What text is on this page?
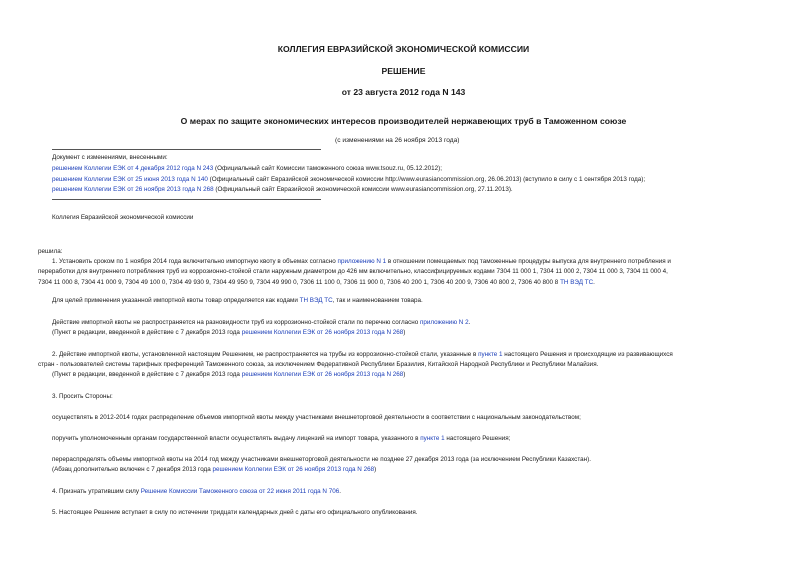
КОЛЛЕГИЯ ЕВРАЗИЙСКОЙ ЭКОНОМИЧЕСКОЙ КОМИССИИ
РЕШЕНИЕ
от 23 августа 2012 года N 143
О мерах по защите экономических интересов производителей нержавеющих труб в Таможенном союзе
(с изменениями на 26 ноября 2013 года)
Документ с изменениями, внесенными:
решением Коллегии ЕЭК от 4 декабря 2012 года N 243 (Официальный сайт Комиссии таможенного союза www.tsouz.ru, 05.12.2012);
решением Коллегии ЕЭК от 25 июня 2013 года N 140 (Официальный сайт Евразийской экономической комиссии http://www.eurasiancommission.org, 26.06.2013) (вступило в силу с 1 сентября 2013 года);
решением Коллегии ЕЭК от 26 ноября 2013 года N 268 (Официальный сайт Евразийской экономической комиссии www.eurasiancommission.org, 27.11.2013).
Коллегия Евразийской экономической комиссии
решила:
1. Установить сроком по 1 ноября 2014 года включительно импортную квоту в объемах согласно приложению N 1 в отношении помещаемых под таможенные процедуры выпуска для внутреннего потребления и
переработки для внутреннего потребления труб из коррозионно-стойкой стали наружным диаметром до 426 мм включительно, классифицируемых кодами 7304 11 000 1, 7304 11 000 2, 7304 11 000 3, 7304 11 000 4,
7304 11 000 8, 7304 41 000 9, 7304 49 100 0, 7304 49 930 9, 7304 49 950 9, 7304 49 990 0, 7306 11 100 0, 7306 11 900 0, 7306 40 200 1, 7306 40 200 9, 7306 40 800 2, 7306 40 800 8 ТН ВЭД ТС.
Для целей применения указанной импортной квоты товар определяется как кодами ТН ВЭД ТС, так и наименованием товара.
Действие импортной квоты не распространяется на разновидности труб из коррозионно-стойкой стали по перечню согласно приложению N 2.
(Пункт в редакции, введенной в действие с 7 декабря 2013 года решением Коллегии ЕЭК от 26 ноября 2013 года N 268)
2. Действие импортной квоты, установленной настоящим Решением, не распространяется на трубы из коррозионно-стойкой стали, указанные в пункте 1 настоящего Решения и происходящие из развивающихся
стран - пользователей системы тарифных преференций Таможенного союза, за исключением Федеративной Республики Бразилия, Китайской Народной Республики и Республики Малайзия.
(Пункт в редакции, введенной в действие с 7 декабря 2013 года решением Коллегии ЕЭК от 26 ноября 2013 года N 268)
3. Просить Стороны:
осуществлять в 2012-2014 годах распределение объемов импортной квоты между участниками внешнеторговой деятельности в соответствии с национальным законодательством;
поручить уполномоченным органам государственной власти осуществлять выдачу лицензий на импорт товара, указанного в пункте 1 настоящего Решения;
перераспределять объемы импортной квоты на 2014 год между участниками внешнеторговой деятельности не позднее 27 декабря 2013 года (за исключением Республики Казахстан).
(Абзац дополнительно включен с 7 декабря 2013 года решением Коллегии ЕЭК от 26 ноября 2013 года N 268)
4. Признать утратившим силу Решение Комиссии Таможенного союза от 22 июня 2011 года N 706.
5. Настоящее Решение вступает в силу по истечении тридцати календарных дней с даты его официального опубликования.
